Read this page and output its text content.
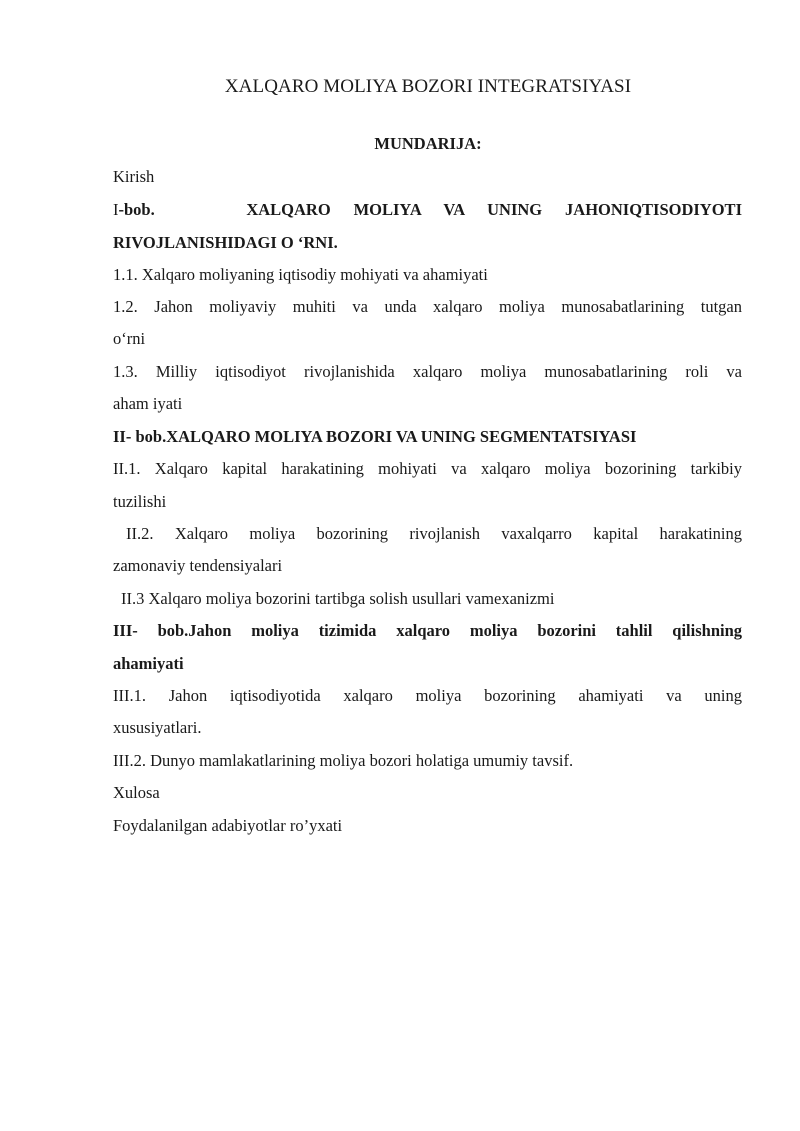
XALQARO MOLIYA BOZORI INTEGRATSIYASI
MUNDARIJA:
Kirish
I-bob.	XALQARO MOLIYA VA UNING JAHONIQTISODIYOTI
RIVOJLANISHIDAGI O ‘RNI.
1.1. Xalqaro moliyaning iqtisodiy mohiyati va ahamiyati
1.2. Jahon moliyaviy muhiti va unda xalqaro moliya munosabatlarining tutgan
o‘rni
1.3. Milliy iqtisodiyot rivojlanishida xalqaro moliya munosabatlarining roli va
aham iyati
II- bob.XALQARO MOLIYA BOZORI VA UNING SEGMENTATSIYASI
II.1. Xalqaro kapital harakatining mohiyati va xalqaro moliya bozorining tarkibiy
tuzilishi
II.2. Xalqaro moliya bozorining rivojlanish vaxalqarro kapital harakatining
zamonaviy tendensiyalari
II.3 Xalqaro moliya bozorini tartibga solish usullari vamexanizmi
III- bob.Jahon moliya tizimida xalqaro moliya bozorini tahlil qilishning
ahamiyati
III.1. Jahon iqtisodiyotida xalqaro moliya bozorining ahamiyati va uning
xususiyatlari.
III.2. Dunyo mamlakatlarining moliya bozori holatiga umumiy tavsif.
Xulosa
Foydalanilgan adabiyotlar ro’yxati
